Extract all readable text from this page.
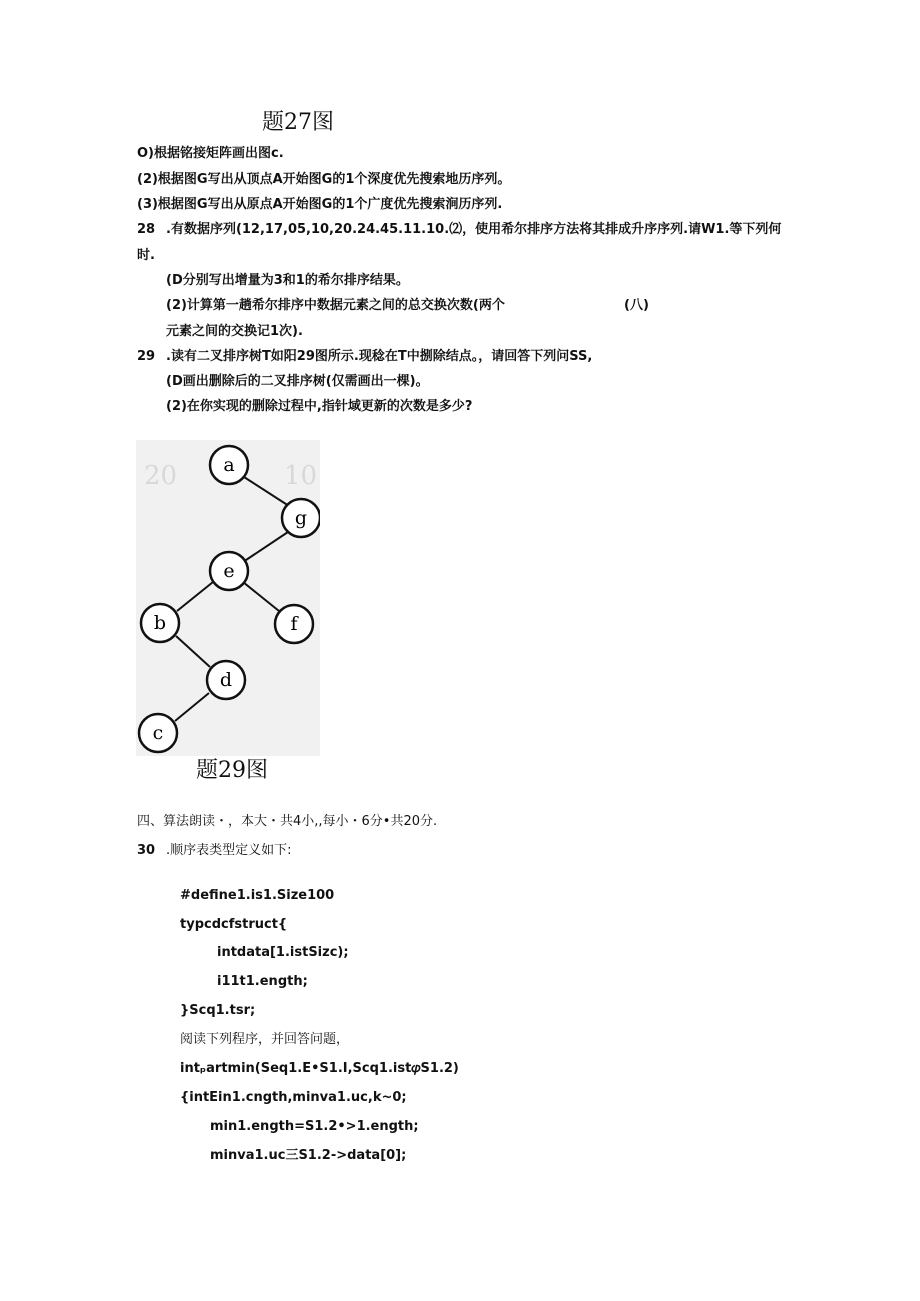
题27图
O)根据铭接矩阵画出图c.
(2)根据图G写出从顶点A开始图G的1个深度优先搜索地历序列。
(3)根据图G写出从原点A开始图G的1个广度优先搜索涧历序列.
28 .有数据序列(12,17,05,10,20.24.45.11.10.⑵，使用希尔排序方法将其排成升序序列.请W1.等下列何
时.
(D分别写出增量为3和1的希尔排序结果。
(2)计算第一趟希尔排序中数据元素之间的总交换次数(两个	(八)
元素之间的交换记1次).
29 .读有二叉排序树T如阳29图所示.现稔在T中捌除结点。，请回答下列问SS,
(D画出删除后的二叉排序树(仅需画出一棵)。
(2)在你实现的删除过程中,指针域更新的次数是多少?
20	10
a
g
e
b	f
d
c
题29图
四、算法朗读・，本大・共4小,,每小・6分•共20分.
30 .顺序表类型定义如下:
#define1.is1.Size100
typcdcfstruct{
intdata[1.istSizc);
i11t1.ength;
}Scq1.tsr;
阅读下列程序，并回答问题，
intₚartmin(Seq1.E•S1.I,Scq1.ist𝜑S1.2)
{intEin1.cngth,minva1.uc,k~0;
min1.ength=S1.2•>1.ength;
minva1.uc三S1.2->data[0];
